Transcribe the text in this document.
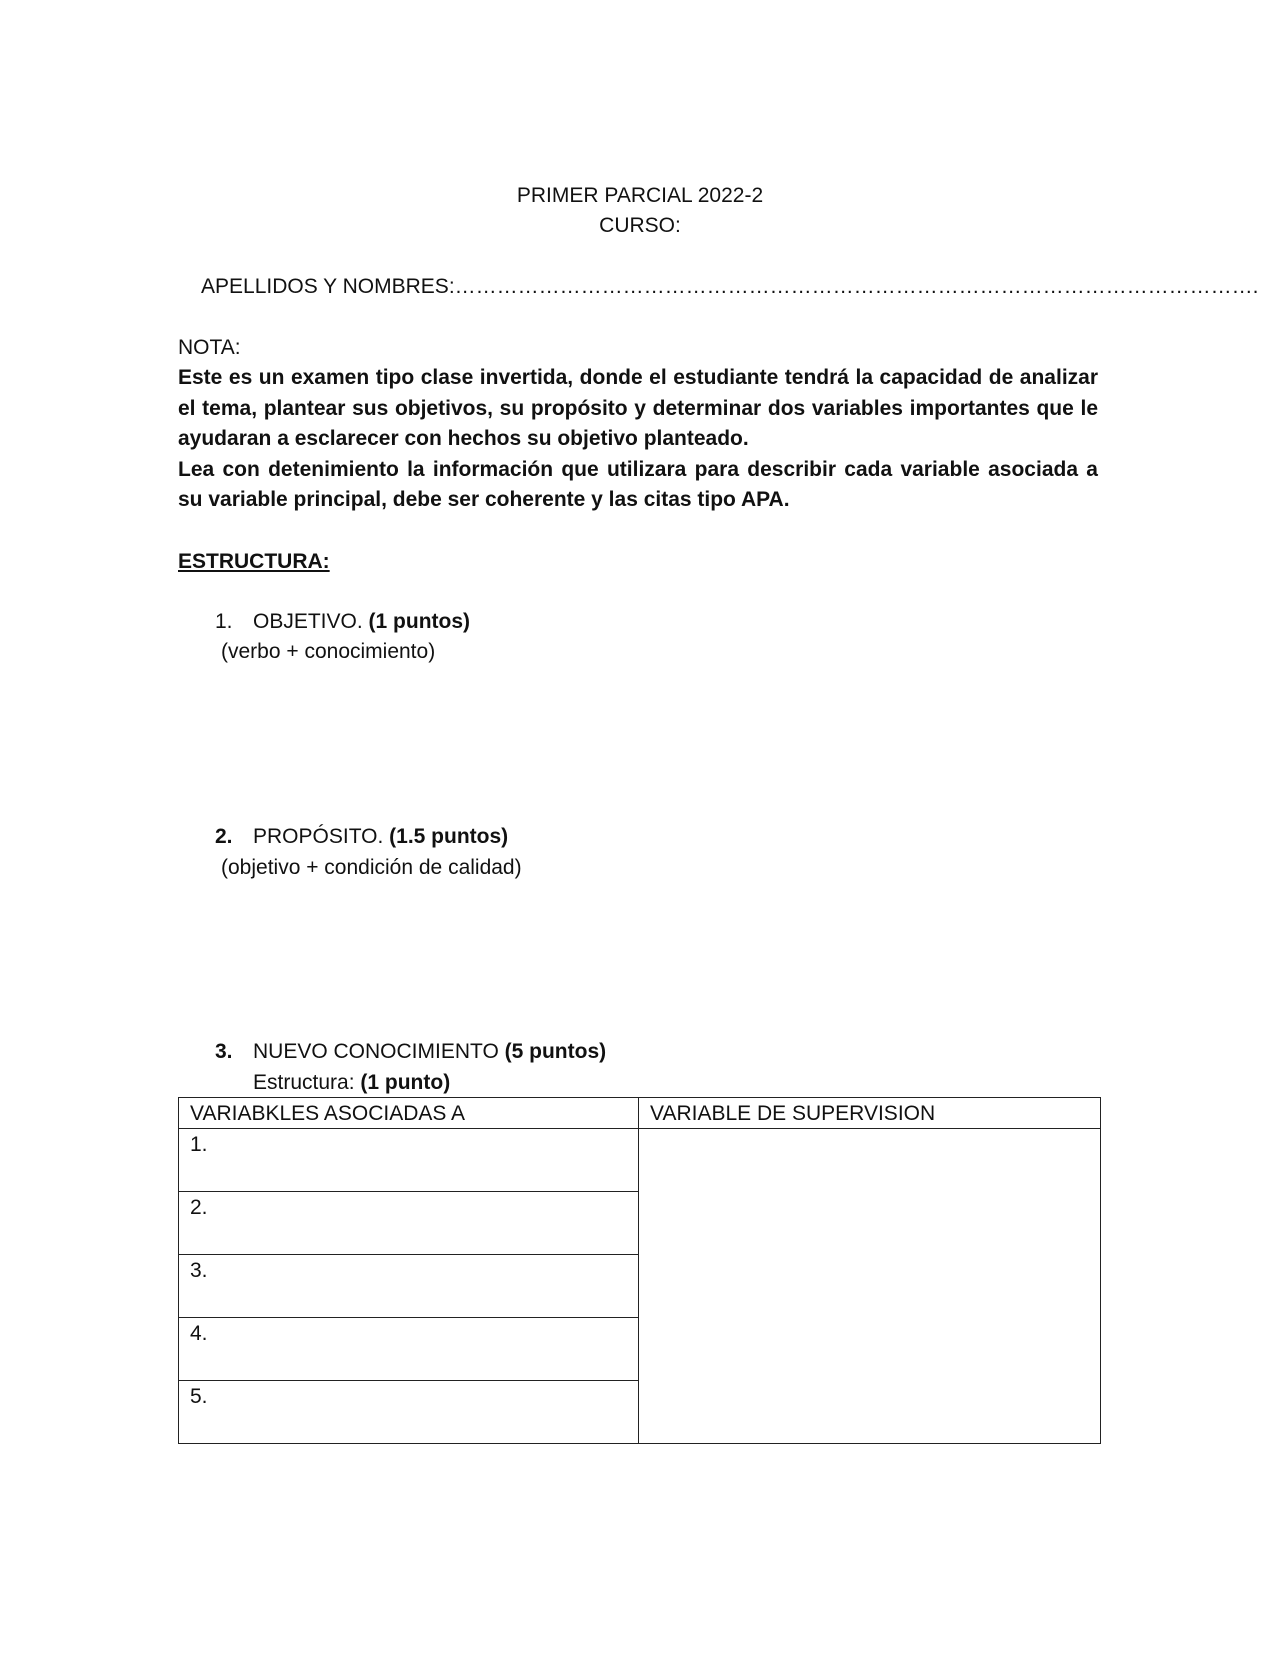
PRIMER PARCIAL 2022-2
CURSO:
APELLIDOS Y NOMBRES:…………………………………………………………………………………………………….
NOTA:

Este es un examen tipo clase invertida, donde el estudiante tendrá la capacidad de analizar el tema, plantear sus objetivos, su propósito y determinar dos variables importantes que le ayudaran a esclarecer con hechos su objetivo planteado.

Lea con detenimiento la información que utilizara para describir cada variable asociada a su variable principal, debe ser coherente y las citas tipo APA.

ESTRUCTURA:
1. OBJETIVO. (1 puntos)
(verbo + conocimiento)
2. PROPÓSITO. (1.5 puntos)
(objetivo + condición de calidad)
3. NUEVO CONOCIMIENTO (5 puntos)
Estructura: (1 punto)
VARIABKLES ASOCIADAS A	VARIABLE DE SUPERVISION
1.	
2.	
3.	
4.	
5.	
